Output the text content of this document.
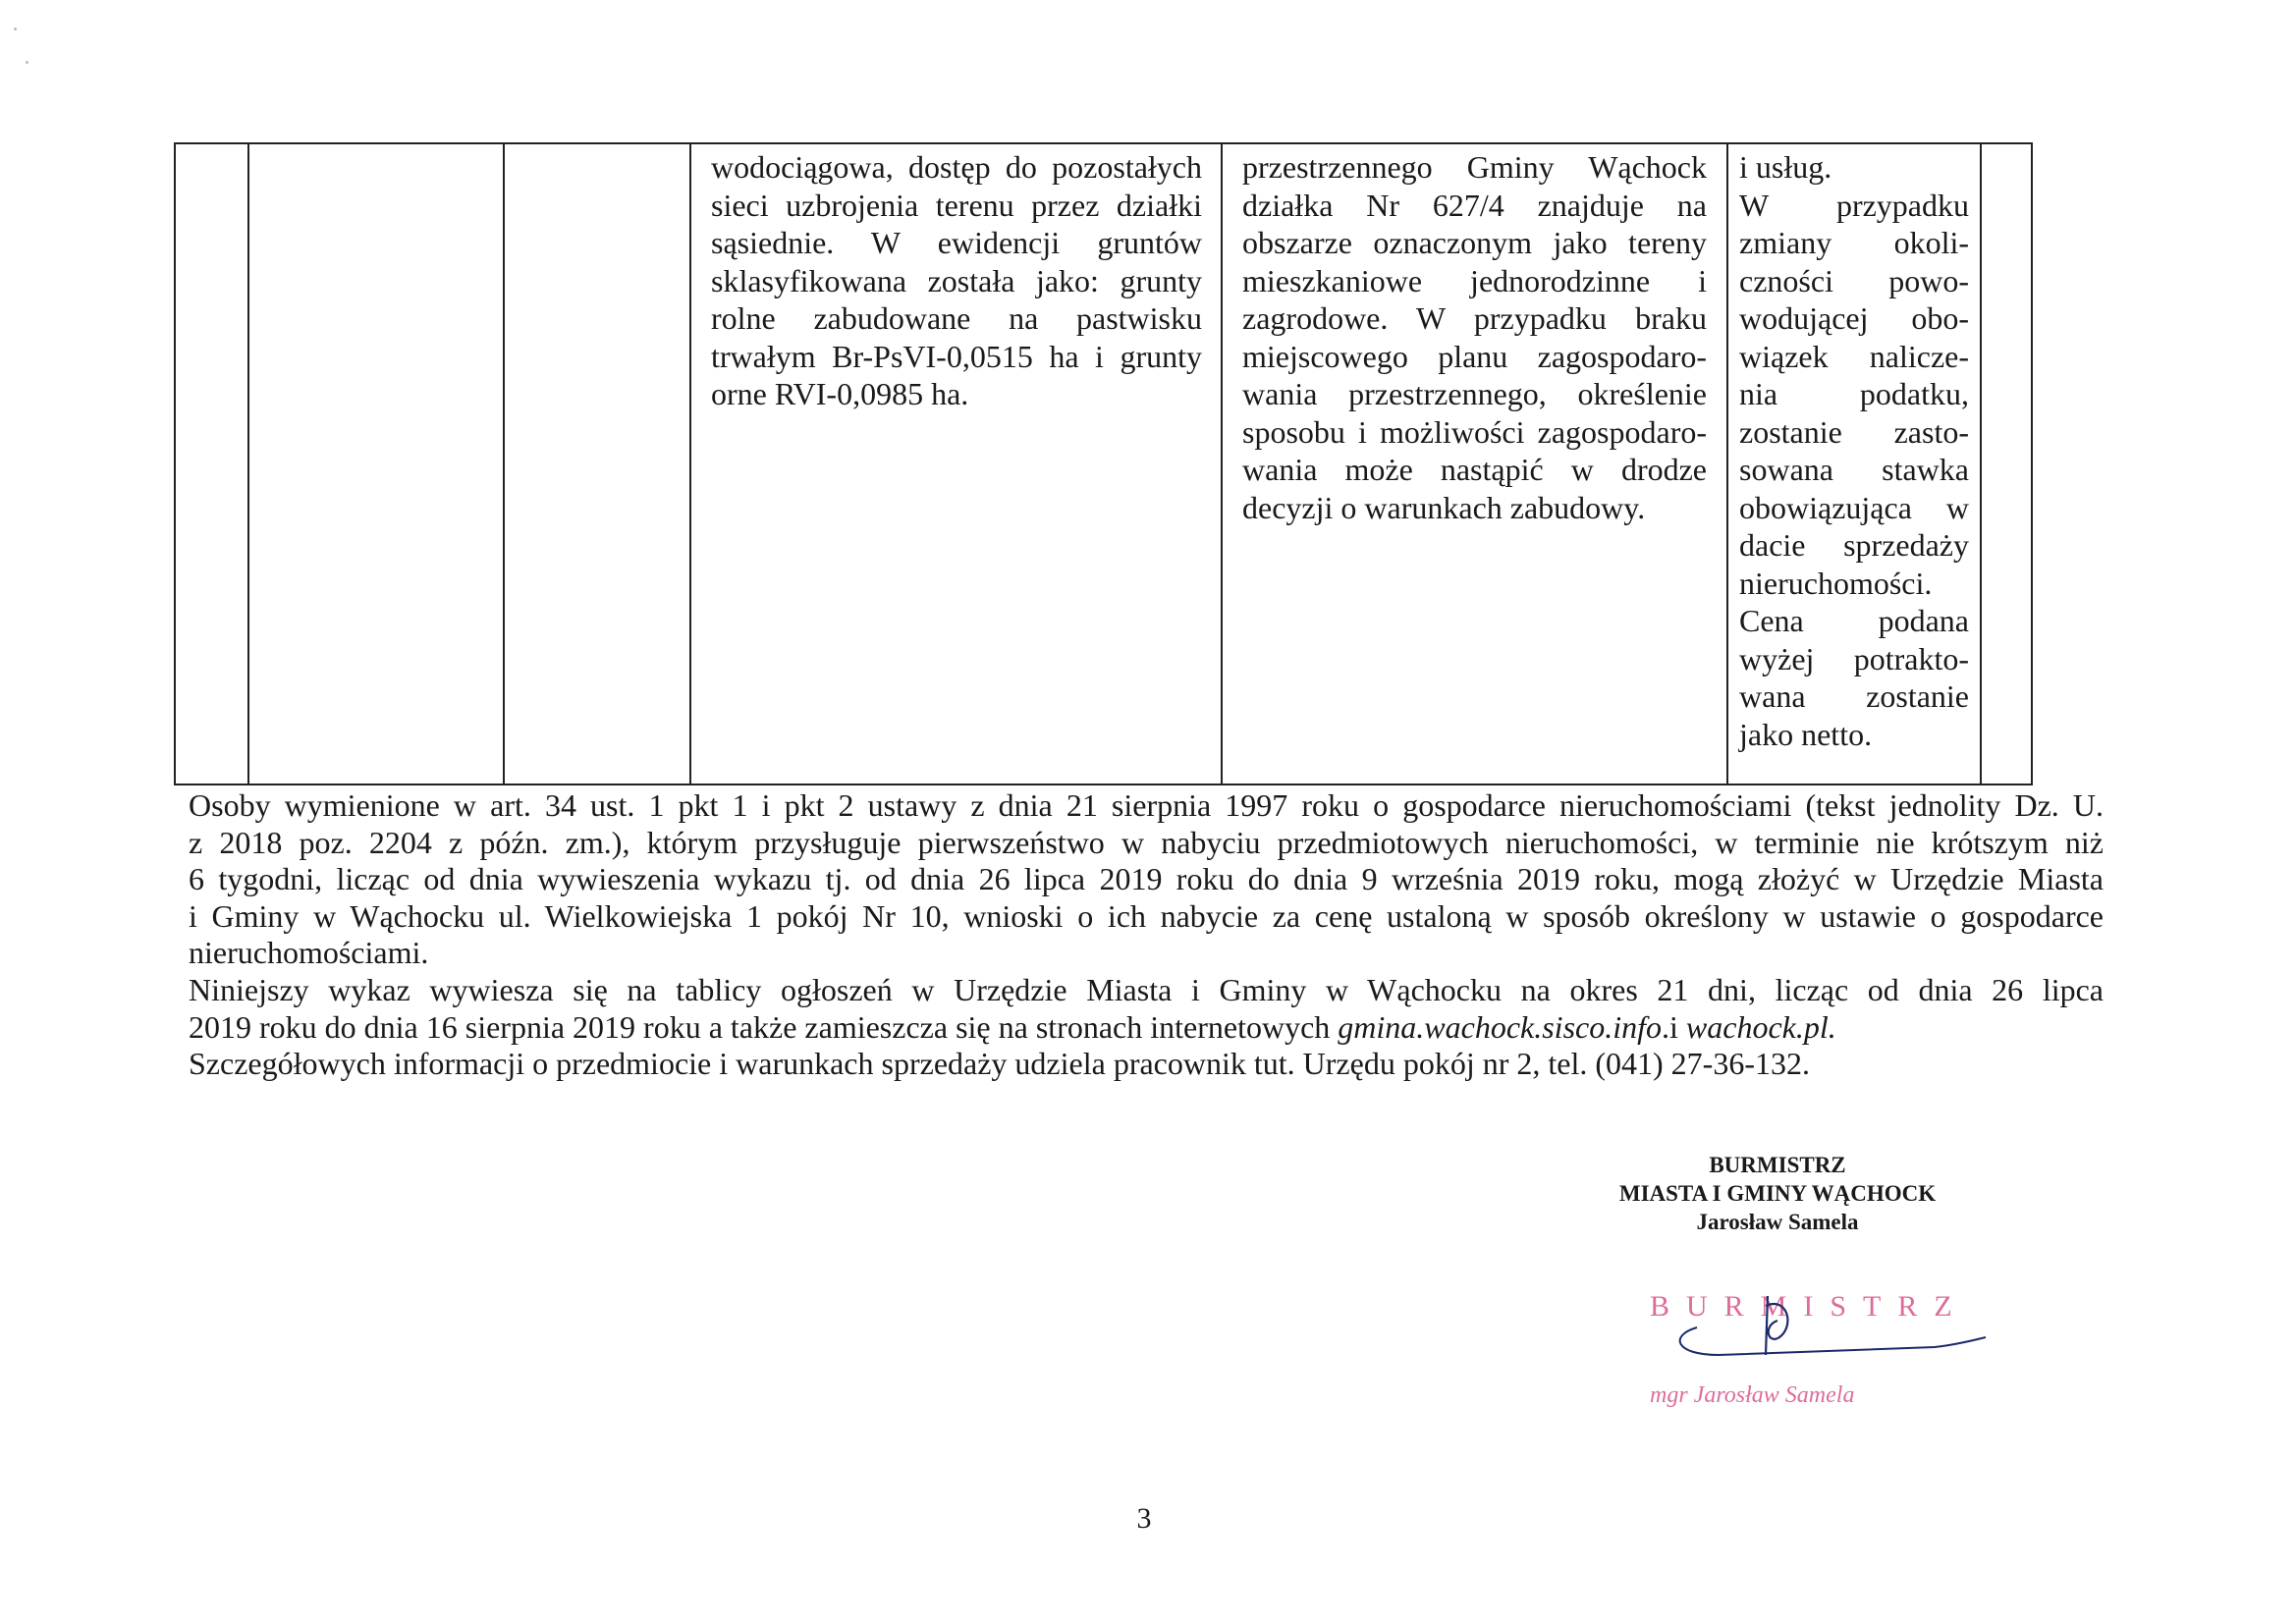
wodociągowa, dostęp do pozostałych
sieci uzbrojenia terenu przez działki
sąsiednie. W ewidencji gruntów
sklasyfikowana została jako: grunty
rolne zabudowane na pastwisku
trwałym Br-PsVI-0,0515 ha i grunty
orne RVI-0,0985 ha.
przestrzennego Gminy Wąchock
działka Nr 627/4 znajduje na
obszarze oznaczonym jako tereny
mieszkaniowe jednorodzinne i
zagrodowe. W przypadku braku
miejscowego planu zagospodaro-
wania przestrzennego, określenie
sposobu i możliwości zagospodaro-
wania może nastąpić w drodze
decyzji o warunkach zabudowy.
i usług.
W przypadku
zmiany okoli-
czności powo-
wodującej obo-
wiązek nalicze-
nia podatku,
zostanie zasto-
sowana stawka
obowiązująca w
dacie sprzedaży
nieruchomości.
Cena podana
wyżej potrakto-
wana zostanie
jako netto.
Osoby wymienione w art. 34 ust. 1 pkt 1 i pkt 2 ustawy z dnia 21 sierpnia 1997 roku o gospodarce nieruchomościami (tekst jednolity Dz. U.
z 2018 poz. 2204 z późn. zm.), którym przysługuje pierwszeństwo w nabyciu przedmiotowych nieruchomości, w terminie nie krótszym niż
6 tygodni, licząc od dnia wywieszenia wykazu tj. od dnia 26 lipca 2019 roku do dnia 9 września 2019 roku, mogą złożyć w Urzędzie Miasta
i Gminy w Wąchocku ul. Wielkowiejska 1 pokój Nr 10, wnioski o ich nabycie za cenę ustaloną w sposób określony w ustawie o gospodarce
nieruchomościami.
Niniejszy wykaz wywiesza się na tablicy ogłoszeń w Urzędzie Miasta i Gminy w Wąchocku na okres 21 dni, licząc od dnia 26 lipca
2019 roku do dnia 16 sierpnia 2019 roku a także zamieszcza się na stronach internetowych gmina.wachock.sisco.info.i wachock.pl.
Szczegółowych informacji o przedmiocie i warunkach sprzedaży udziela pracownik tut. Urzędu pokój nr 2, tel. (041) 27-36-132.
BURMISTRZ
MIASTA I GMINY WĄCHOCK
Jarosław Samela
BURMISTRZ
mgr Jarosław Samela
3
